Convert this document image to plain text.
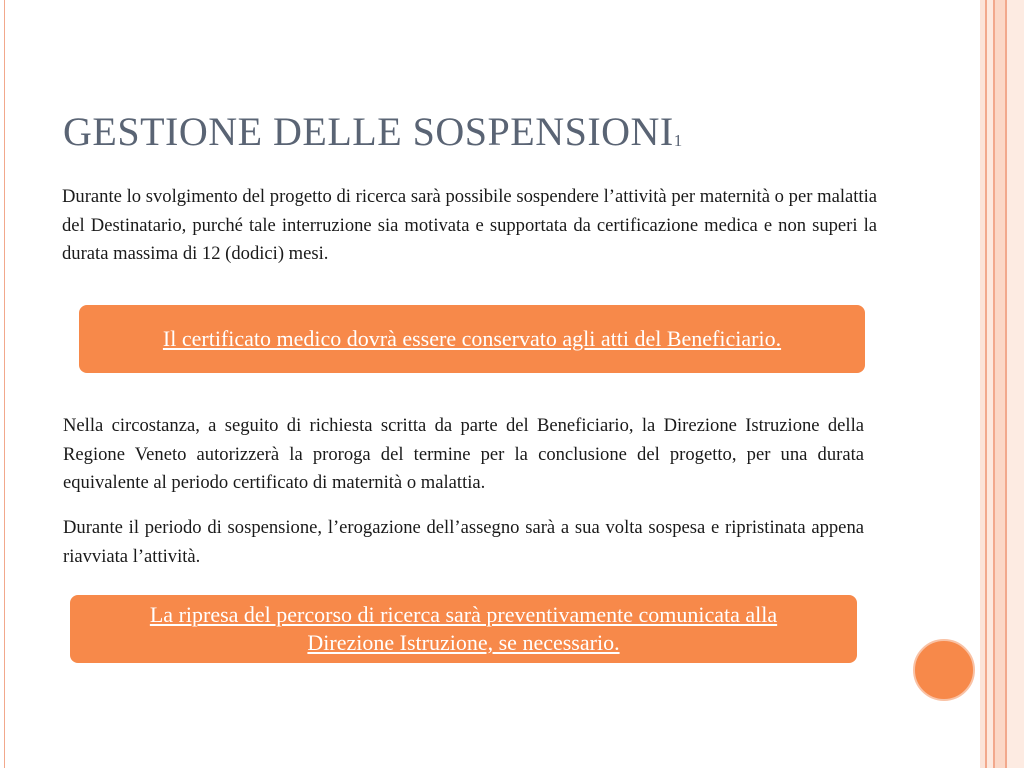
GESTIONE DELLE SOSPENSIONI1

Durante lo svolgimento del progetto di ricerca sarà possibile sospendere l’attività per maternità o per malattia del Destinatario, purché tale interruzione sia motivata e supportata da certificazione medica e non superi la durata massima di 12 (dodici) mesi.

Il certificato medico dovrà essere conservato agli atti del Beneficiario.

Nella circostanza, a seguito di richiesta scritta da parte del Beneficiario, la Direzione Istruzione della Regione Veneto autorizzerà la proroga del termine per la conclusione del progetto, per una durata equivalente al periodo certificato di maternità o malattia.

Durante il periodo di sospensione, l’erogazione dell’assegno sarà a sua volta sospesa e ripristinata appena riavviata l’attività.

La ripresa del percorso di ricerca sarà preventivamente comunicata alla Direzione Istruzione, se necessario.
